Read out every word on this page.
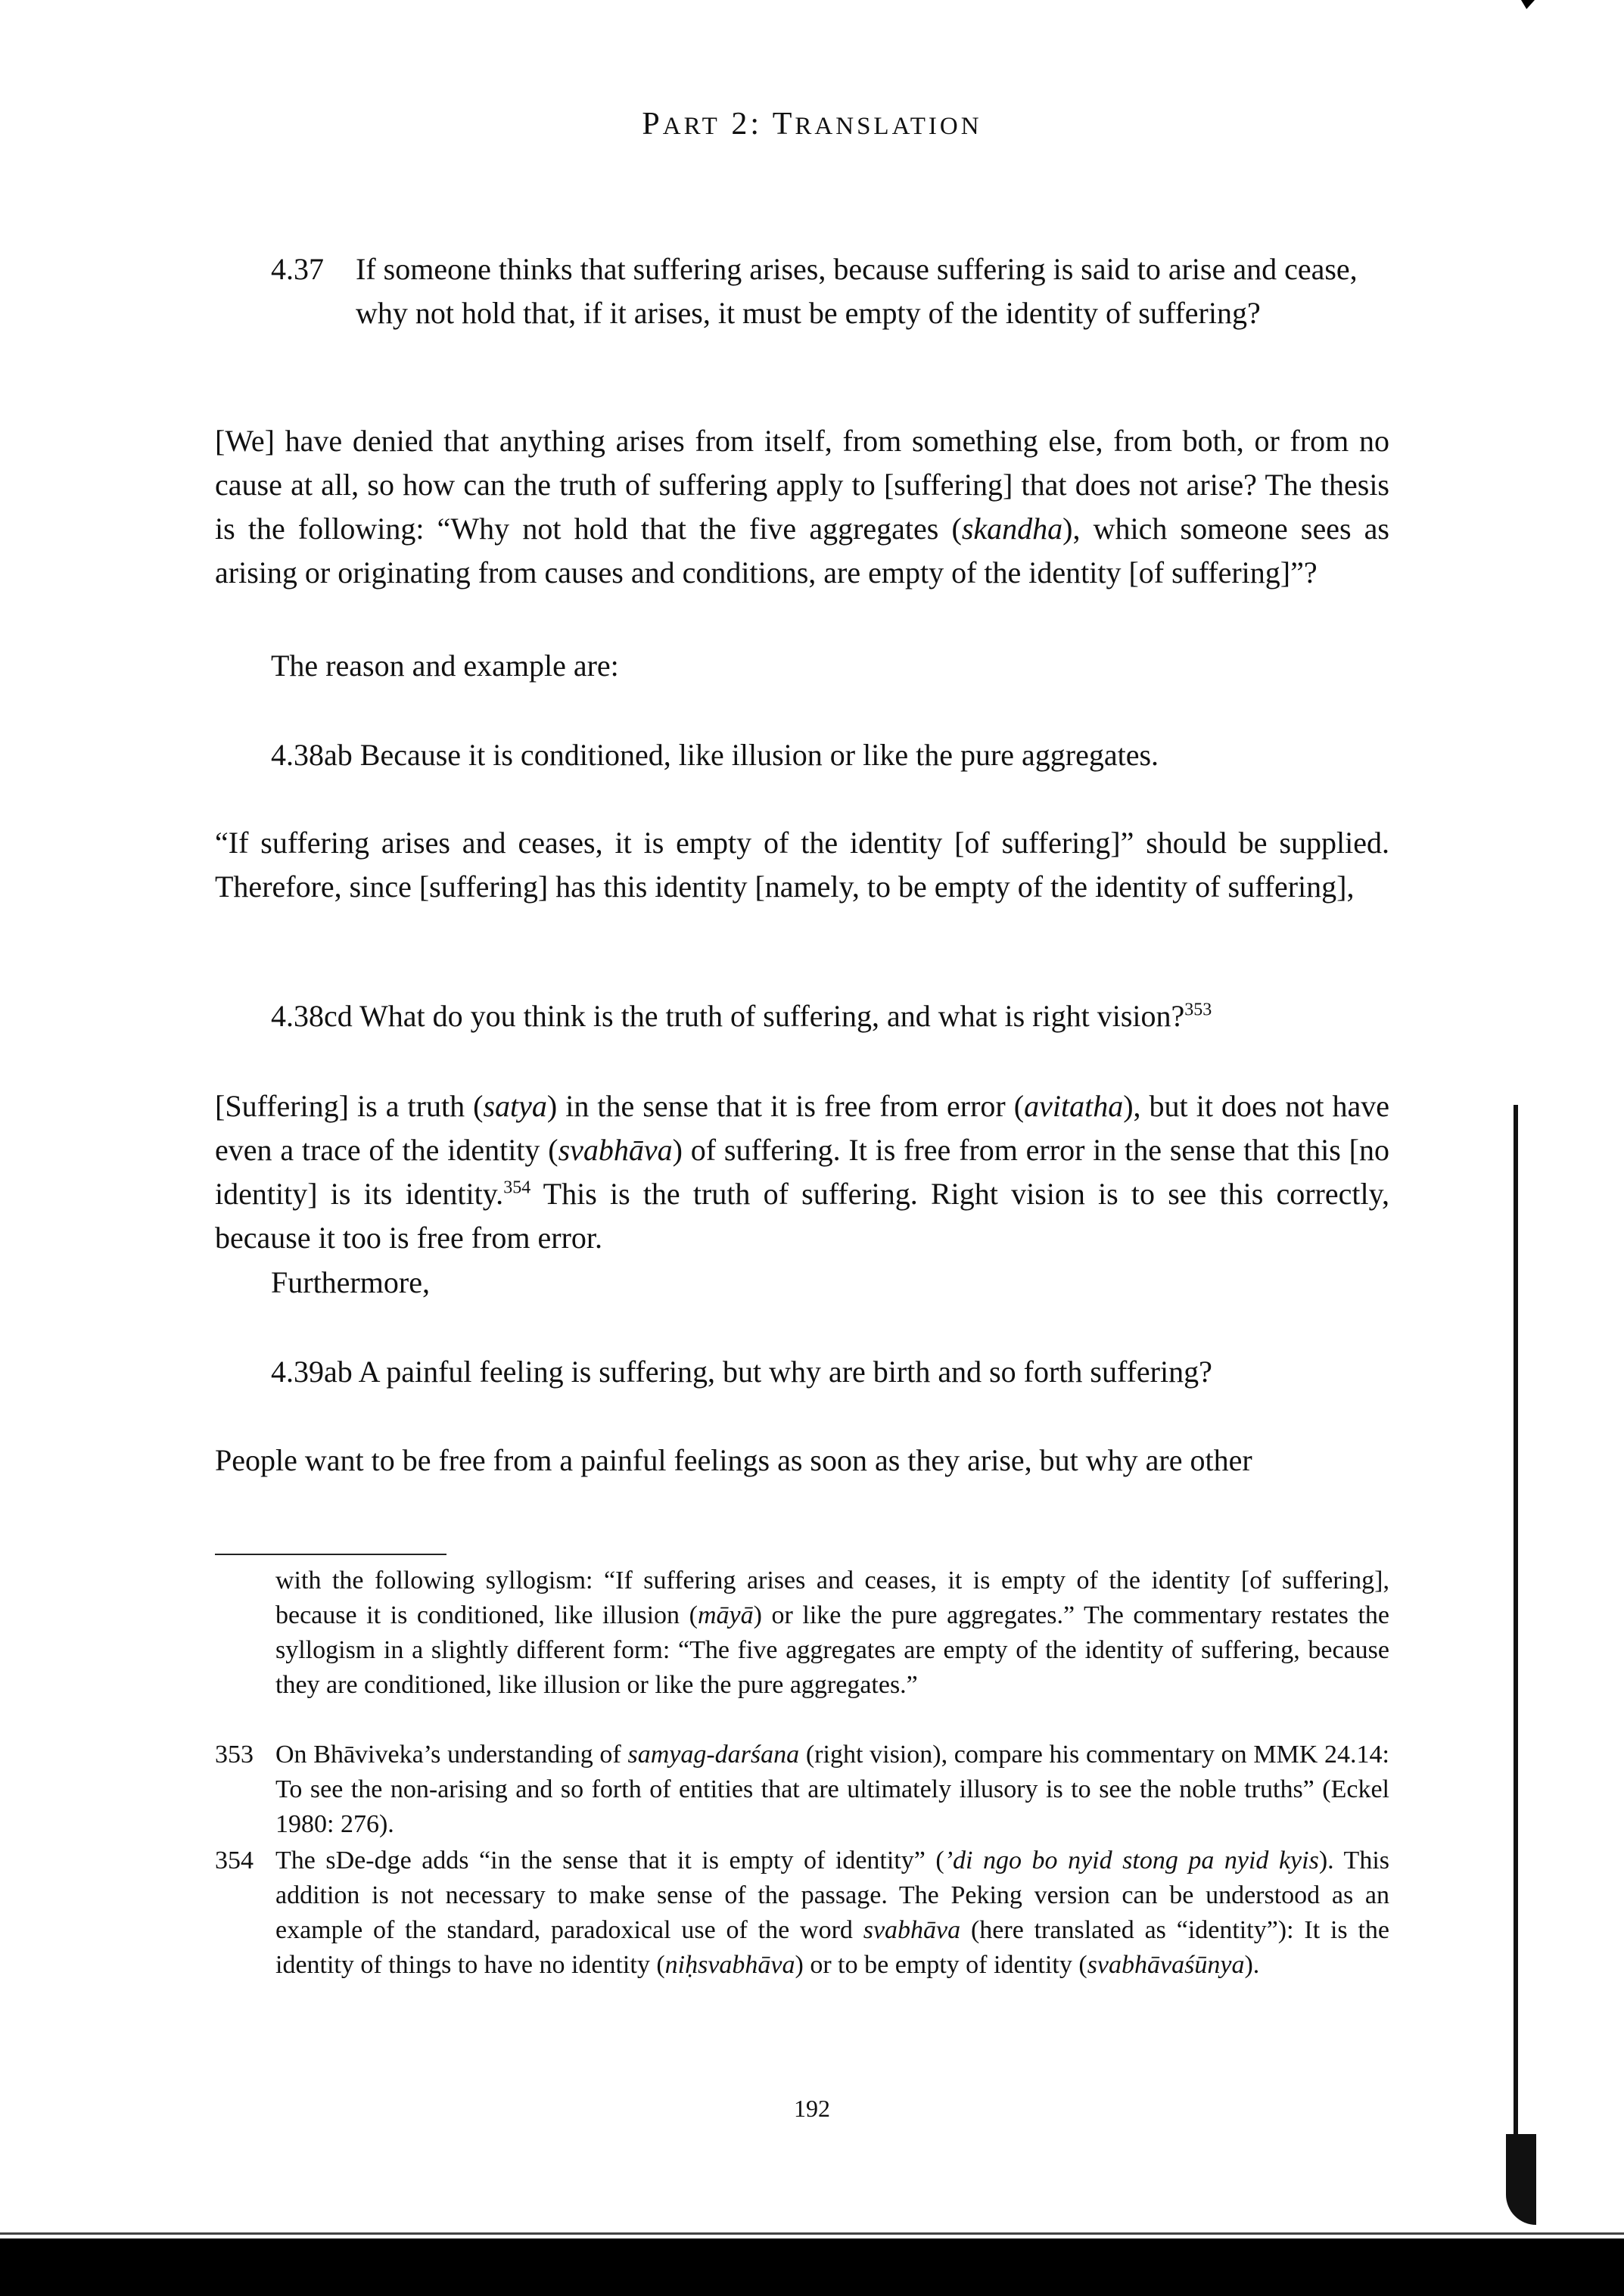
PART 2: TRANSLATION
4.37 If someone thinks that suffering arises, because suffering is said to arise and cease, why not hold that, if it arises, it must be empty of the identity of suffering?
[We] have denied that anything arises from itself, from something else, from both, or from no cause at all, so how can the truth of suffering apply to [suffering] that does not arise? The thesis is the following: “Why not hold that the five aggregates (skandha), which someone sees as arising or originating from causes and conditions, are empty of the identity [of suffering]”?
The reason and example are:
4.38ab Because it is conditioned, like illusion or like the pure aggregates.
“If suffering arises and ceases, it is empty of the identity [of suffering]” should be supplied. Therefore, since [suffering] has this identity [namely, to be empty of the identity of suffering],
4.38cd What do you think is the truth of suffering, and what is right vision?$^{353}$
[Suffering] is a truth (satya) in the sense that it is free from error (avitatha), but it does not have even a trace of the identity (svabhāva) of suffering. It is free from error in the sense that this [no identity] is its identity.$^{354}$ This is the truth of suffering. Right vision is to see this correctly, because it too is free from error.
Furthermore,
4.39ab A painful feeling is suffering, but why are birth and so forth suffering?
People want to be free from a painful feelings as soon as they arise, but why are other
with the following syllogism: “If suffering arises and ceases, it is empty of the identity [of suffering], because it is conditioned, like illusion (māyā) or like the pure aggregates.” The commentary restates the syllogism in a slightly different form: “The five aggregates are empty of the identity of suffering, because they are conditioned, like illusion or like the pure aggregates.”
353 On Bhāviveka’s understanding of samyag-darśana (right vision), compare his commentary on MMK 24.14: To see the non-arising and so forth of entities that are ultimately illusory is to see the noble truths” (Eckel 1980: 276).
354 The sDe-dge adds “in the sense that it is empty of identity” (’di ngo bo nyid stong pa nyid kyis). This addition is not necessary to make sense of the passage. The Peking version can be understood as an example of the standard, paradoxical use of the word svabhāva (here translated as “identity”): It is the identity of things to have no identity (niḥsvabhāva) or to be empty of identity (svabhāvaśūnya).
192
